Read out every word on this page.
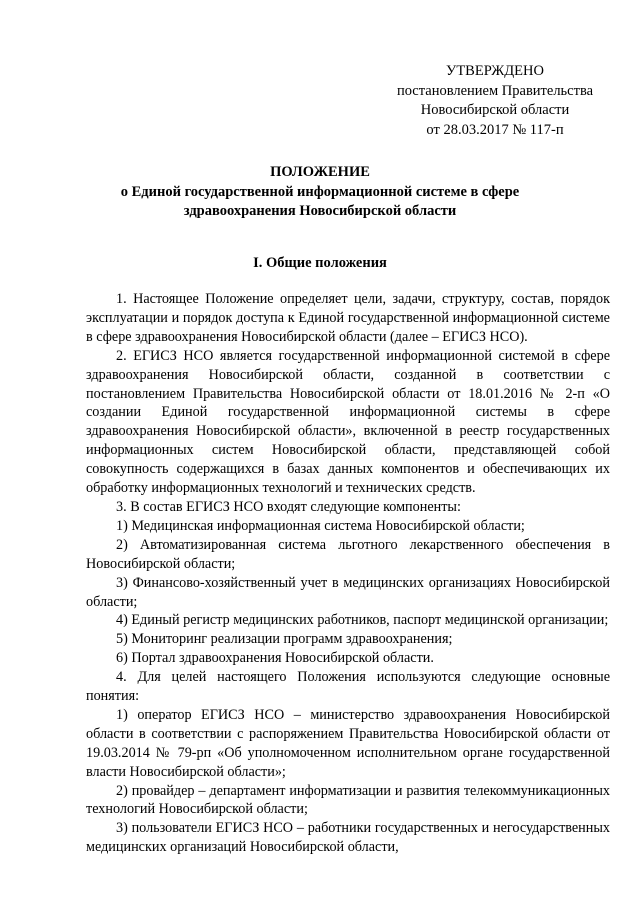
УТВЕРЖДЕНО
постановлением Правительства
Новосибирской области
от 28.03.2017 № 117-п
ПОЛОЖЕНИЕ
о Единой государственной информационной системе в сфере
здравоохранения Новосибирской области
I. Общие положения

1. Настоящее Положение определяет цели, задачи, структуру, состав, порядок эксплуатации и порядок доступа к Единой государственной информационной системе в сфере здравоохранения Новосибирской области (далее – ЕГИСЗ НСО).

2. ЕГИСЗ НСО является государственной информационной системой в сфере здравоохранения Новосибирской области, созданной в соответствии с постановлением Правительства Новосибирской области от 18.01.2016 № 2-п «О создании Единой государственной информационной системы в сфере здравоохранения Новосибирской области», включенной в реестр государственных информационных систем Новосибирской области, представляющей собой совокупность содержащихся в базах данных компонентов и обеспечивающих их обработку информационных технологий и технических средств.

3. В состав ЕГИСЗ НСО входят следующие компоненты:

1) Медицинская информационная система Новосибирской области;

2) Автоматизированная система льготного лекарственного обеспечения в Новосибирской области;

3) Финансово-хозяйственный учет в медицинских организациях Новосибирской области;

4) Единый регистр медицинских работников, паспорт медицинской организации;

5) Мониторинг реализации программ здравоохранения;

6) Портал здравоохранения Новосибирской области.

4. Для целей настоящего Положения используются следующие основные понятия:

1) оператор ЕГИСЗ НСО – министерство здравоохранения Новосибирской области в соответствии с распоряжением Правительства Новосибирской области от 19.03.2014 № 79-рп «Об уполномоченном исполнительном органе государственной власти Новосибирской области»;

2) провайдер – департамент информатизации и развития телекоммуникационных технологий Новосибирской области;

3) пользователи ЕГИСЗ НСО – работники государственных и негосударственных медицинских организаций Новосибирской области,
